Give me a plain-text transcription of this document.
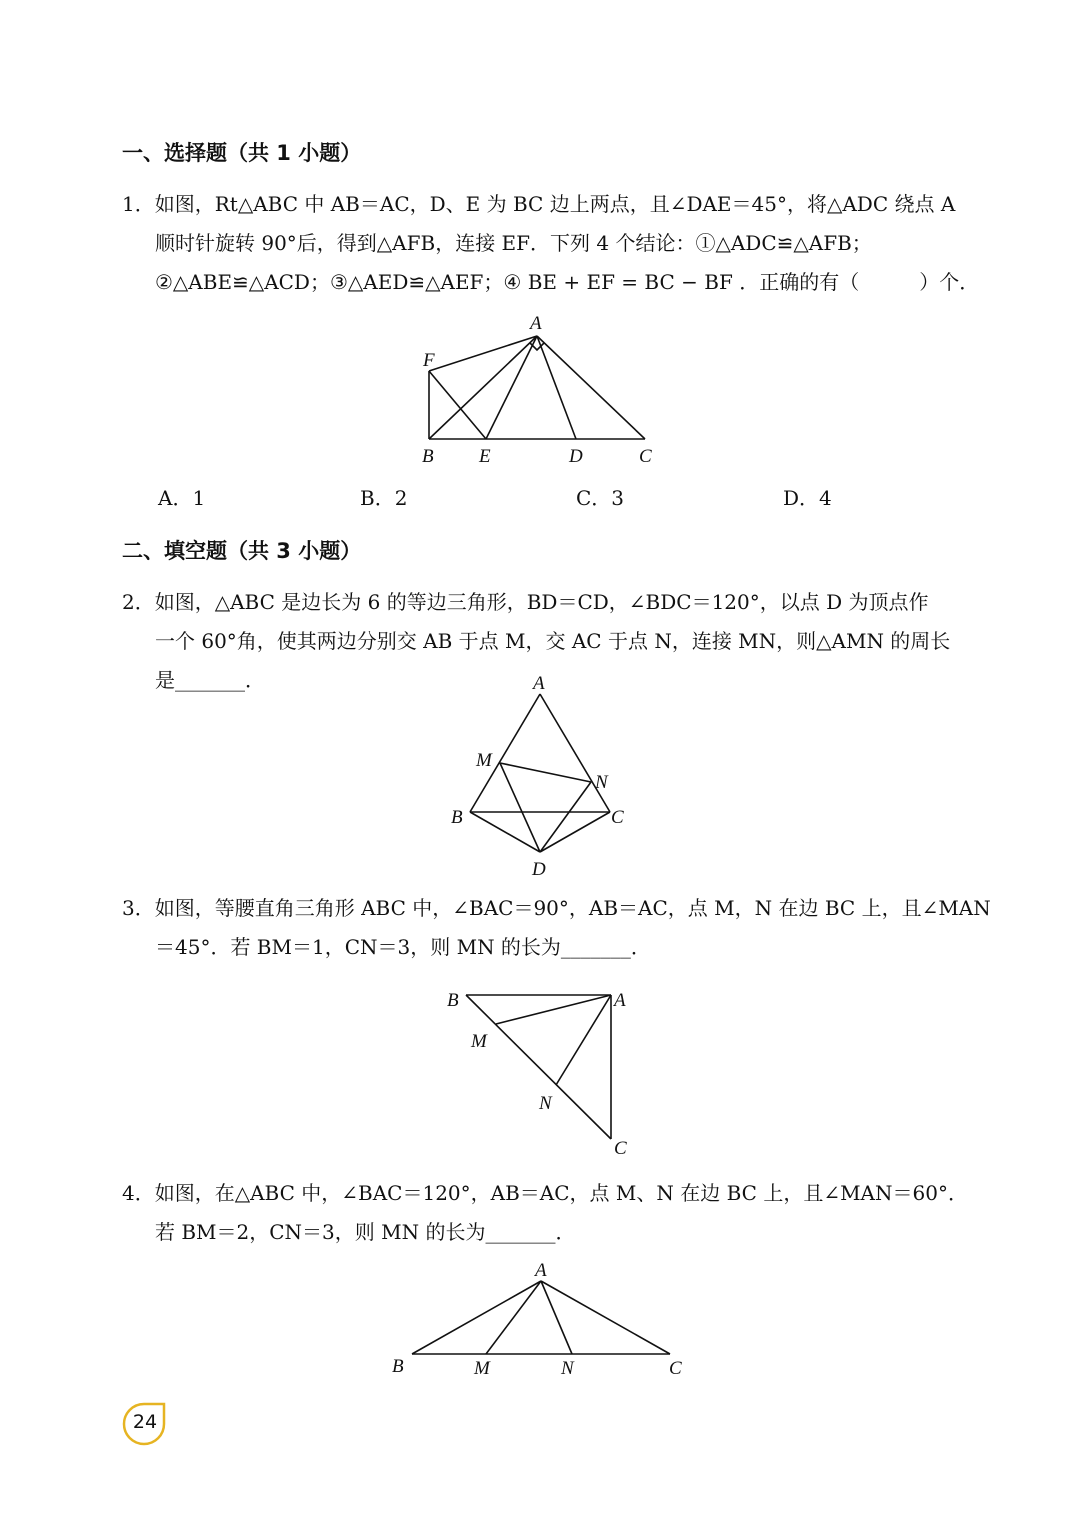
一、选择题（共 1 小题）
1．如图，Rt△ABC 中 AB＝AC，D、E 为 BC 边上两点，且∠DAE＝45°，将△ADC 绕点 A
顺时针旋转 90°后，得到△AFB，连接 EF．下列 4 个结论：①△ADC≌△AFB；
②△ABE≌△ACD；③△AED≌△AEF；④ BE + EF = BC − BF ．正确的有（　　　）个．
A
F
B E	D	C
A．1	B．2	C．3	D．4
二、填空题（共 3 小题）
2．如图，△ABC 是边长为 6 的等边三角形，BD＝CD，∠BDC＝120°，以点 D 为顶点作
一个 60°角，使其两边分别交 AB 于点 M，交 AC 于点 N，连接 MN，则△AMN 的周长
是_______．	A
M
N
B	C
D
3．如图，等腰直角三角形 ABC 中，∠BAC＝90°，AB＝AC，点 M，N 在边 BC 上，且∠MAN
＝45°．若 BM＝1，CN＝3，则 MN 的长为_______．
B	A
M
N
C
4．如图，在△ABC 中，∠BAC＝120°，AB＝AC，点 M、N 在边 BC 上，且∠MAN＝60°．
若 BM＝2，CN＝3，则 MN 的长为_______．
A
B	M	N	C
24
